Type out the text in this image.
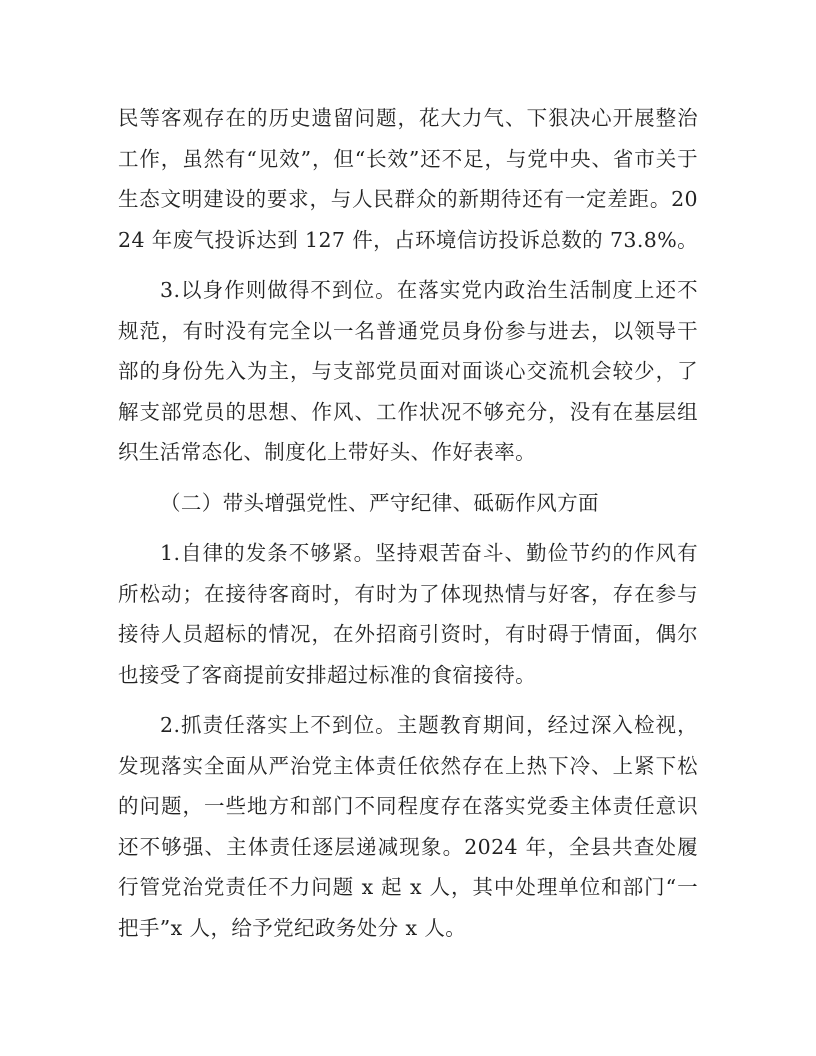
民等客观存在的历史遗留问题，花大力气、下狠决心开展整治工作，虽然有“见效”，但“长效”还不足，与党中央、省市关于生态文明建设的要求，与人民群众的新期待还有一定差距。2024 年废气投诉达到 127 件，占环境信访投诉总数的 73.8%。

3.以身作则做得不到位。在落实党内政治生活制度上还不规范，有时没有完全以一名普通党员身份参与进去，以领导干部的身份先入为主，与支部党员面对面谈心交流机会较少，了解支部党员的思想、作风、工作状况不够充分，没有在基层组织生活常态化、制度化上带好头、作好表率。

（二）带头增强党性、严守纪律、砥砺作风方面

1.自律的发条不够紧。坚持艰苦奋斗、勤俭节约的作风有所松动；在接待客商时，有时为了体现热情与好客，存在参与接待人员超标的情况，在外招商引资时，有时碍于情面，偶尔也接受了客商提前安排超过标准的食宿接待。

2.抓责任落实上不到位。主题教育期间，经过深入检视，发现落实全面从严治党主体责任依然存在上热下冷、上紧下松的问题，一些地方和部门不同程度存在落实党委主体责任意识还不够强、主体责任逐层递减现象。2024 年，全县共查处履行管党治党责任不力问题 x 起 x 人，其中处理单位和部门“一把手”x 人，给予党纪政务处分 x 人。
